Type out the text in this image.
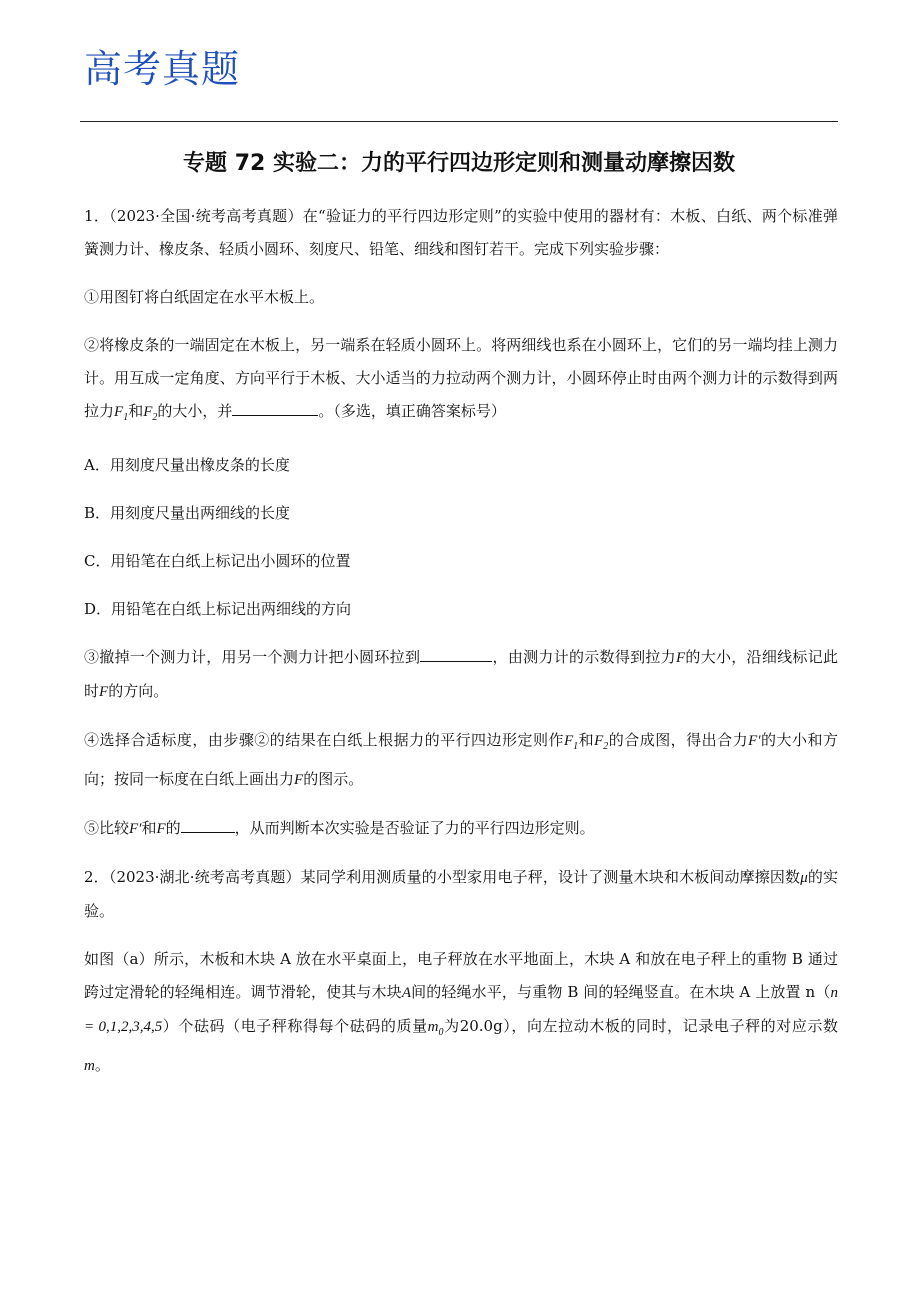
高考真题
专题 72 实验二：力的平行四边形定则和测量动摩擦因数
1．（2023·全国·统考高考真题）在“验证力的平行四边形定则”的实验中使用的器材有：木板、白纸、两个标准弹簧测力计、橡皮条、轻质小圆环、刻度尺、铅笔、细线和图钉若干。完成下列实验步骤：
①用图钉将白纸固定在水平木板上。
②将橡皮条的一端固定在木板上，另一端系在轻质小圆环上。将两细线也系在小圆环上，它们的另一端均挂上测力计。用互成一定角度、方向平行于木板、大小适当的力拉动两个测力计，小圆环停止时由两个测力计的示数得到两拉力$F_1$和$F_2$的大小，并	。（多选，填正确答案标号）
A．用刻度尺量出橡皮条的长度
B．用刻度尺量出两细线的长度
C．用铅笔在白纸上标记出小圆环的位置
D．用铅笔在白纸上标记出两细线的方向
③撤掉一个测力计，用另一个测力计把小圆环拉到	，由测力计的示数得到拉力F的大小，沿细线标记此时F的方向。
④选择合适标度，由步骤②的结果在白纸上根据力的平行四边形定则作$F_1$和$F_2$的合成图，得出合力F′的大小和方向；按同一标度在白纸上画出力F的图示。
⑤比较F′和F的	，从而判断本次实验是否验证了力的平行四边形定则。
2．（2023·湖北·统考高考真题）某同学利用测质量的小型家用电子秤，设计了测量木块和木板间动摩擦因数μ的实验。
如图（a）所示，木板和木块 A 放在水平桌面上，电子秤放在水平地面上，木块 A 和放在电子秤上的重物 B 通过跨过定滑轮的轻绳相连。调节滑轮，使其与木块A间的轻绳水平，与重物 B 间的轻绳竖直。在木块 A 上放置 n（n = 0,1,2,3,4,5）个砝码（电子秤称得每个砝码的质量$m_0$为20.0g），向左拉动木板的同时，记录电子秤的对应示数m。
